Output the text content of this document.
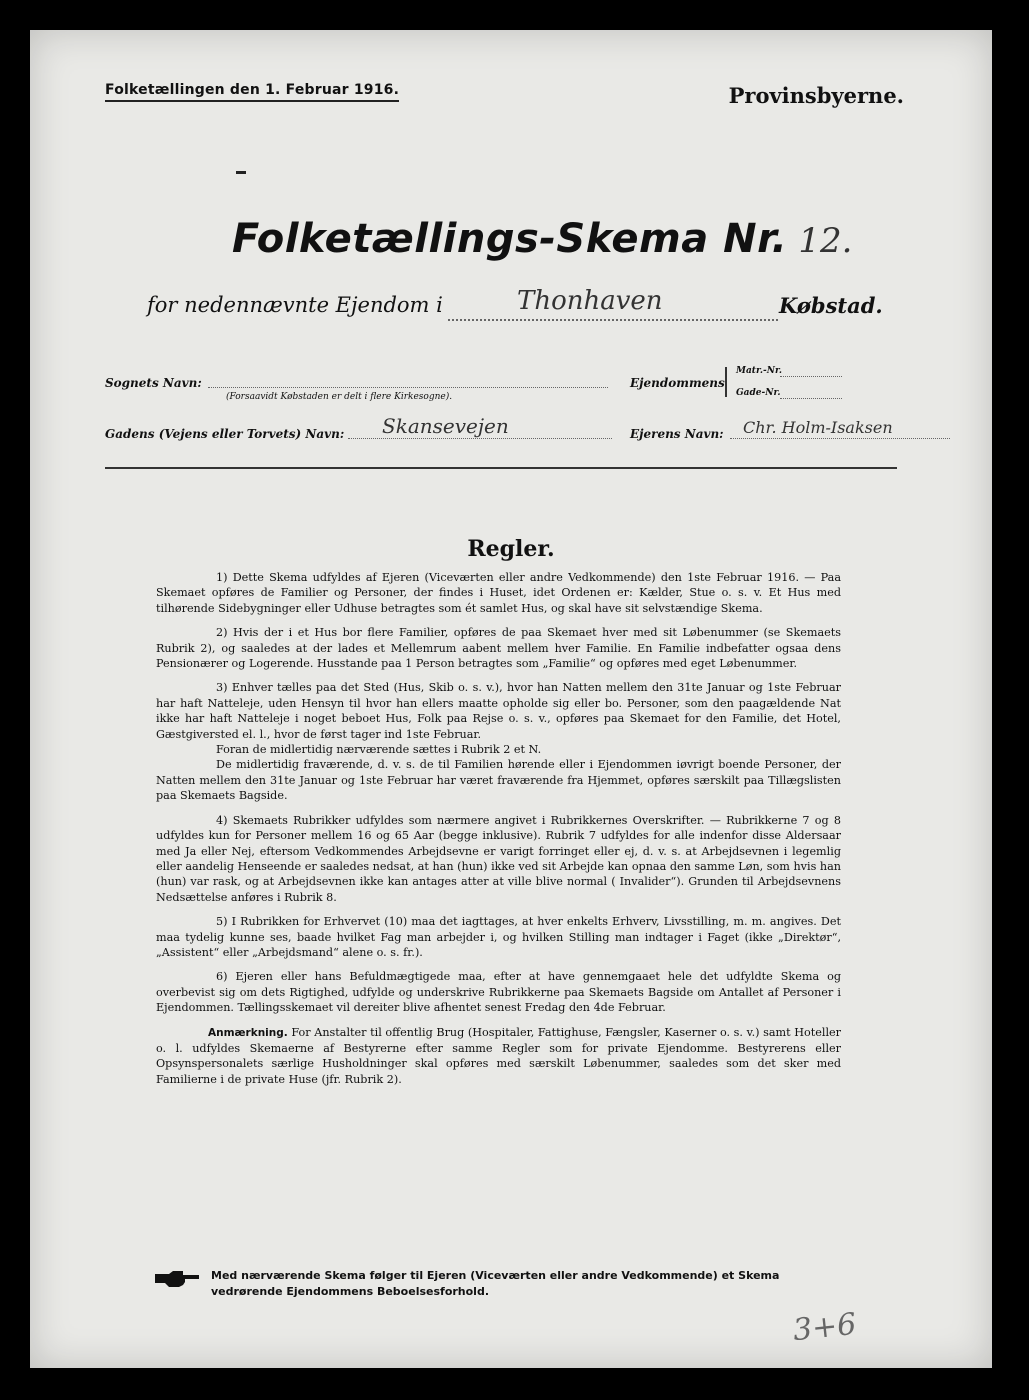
Folketællingen den 1. Februar 1916.	Provinsbyerne.
Folketællings-Skema Nr. 12.
for nedennævnte Ejendom i	Thonhaven	Købstad.
Sognets Navn:
(Forsaavidt Købstaden er delt i flere Kirkesogne).
Ejendommens
Matr.-Nr.
Gade-Nr.
Gadens (Vejens eller Torvets) Navn: Skansevejen	Ejerens Navn: Chr. Holm-Isaksen
Regler.

1) Dette Skema udfyldes af Ejeren (Viceværten eller andre Vedkommende) den 1ste Februar 1916. — Paa Skemaet opføres de Familier og Personer, der findes i Huset, idet Ordenen er: Kælder, Stue o. s. v. Et Hus med tilhørende Sidebygninger eller Udhuse betragtes som ét samlet Hus, og skal have sit selvstændige Skema.

2) Hvis der i et Hus bor flere Familier, opføres de paa Skemaet hver med sit Løbenummer (se Skemaets Rubrik 2), og saaledes at der lades et Mellemrum aabent mellem hver Familie. En Familie indbefatter ogsaa dens Pensionærer og Logerende. Husstande paa 1 Person betragtes som „Familie“ og opføres med eget Løbenummer.

3) Enhver tælles paa det Sted (Hus, Skib o. s. v.), hvor han Natten mellem den 31te Januar og 1ste Februar har haft Natteleje, uden Hensyn til hvor han ellers maatte opholde sig eller bo. Personer, som den paagældende Nat ikke har haft Natteleje i noget beboet Hus, Folk paa Rejse o. s. v., opføres paa Skemaet for den Familie, det Hotel, Gæstgiversted el. l., hvor de først tager ind 1ste Februar.

Foran de midlertidig nærværende sættes i Rubrik 2 et N.

De midlertidig fraværende, d. v. s. de til Familien hørende eller i Ejendommen iøvrigt boende Personer, der Natten mellem den 31te Januar og 1ste Februar har været fraværende fra Hjemmet, opføres særskilt paa Tillægslisten paa Skemaets Bagside.

4) Skemaets Rubrikker udfyldes som nærmere angivet i Rubrikkernes Overskrifter. — Rubrikkerne 7 og 8 udfyldes kun for Personer mellem 16 og 65 Aar (begge inklusive). Rubrik 7 udfyldes for alle indenfor disse Aldersaar med Ja eller Nej, eftersom Vedkommendes Arbejdsevne er varigt forringet eller ej, d. v. s. at Arbejdsevnen i legemlig eller aandelig Henseende er saaledes nedsat, at han (hun) ikke ved sit Arbejde kan opnaa den samme Løn, som hvis han (hun) var rask, og at Arbejdsevnen ikke kan antages atter at ville blive normal ( Invalider“). Grunden til Arbejdsevnens Nedsættelse anføres i Rubrik 8.

5) I Rubrikken for Erhvervet (10) maa det iagttages, at hver enkelts Erhverv, Livsstilling, m. m. angives. Det maa tydelig kunne ses, baade hvilket Fag man arbejder i, og hvilken Stilling man indtager i Faget (ikke „Direktør“, „Assistent“ eller „Arbejdsmand“ alene o. s. fr.).

6) Ejeren eller hans Befuldmægtigede maa, efter at have gennemgaaet hele det udfyldte Skema og overbevist sig om dets Rigtighed, udfylde og underskrive Rubrikkerne paa Skemaets Bagside om Antallet af Personer i Ejendommen. Tællingsskemaet vil dereiter blive afhentet senest Fredag den 4de Februar.

Anmærkning. For Anstalter til offentlig Brug (Hospitaler, Fattighuse, Fængsler, Kaserner o. s. v.) samt Hoteller o. l. udfyldes Skemaerne af Bestyrerne efter samme Regler som for private Ejendomme. Bestyrerens eller Opsynspersonalets særlige Husholdninger skal opføres med særskilt Løbenummer, saaledes som det sker med Familierne i de private Huse (jfr. Rubrik 2).

Med nærværende Skema følger til Ejeren (Viceværten eller andre Vedkommende) et Skema vedrørende Ejendommens Beboelsesforhold.
3+6
